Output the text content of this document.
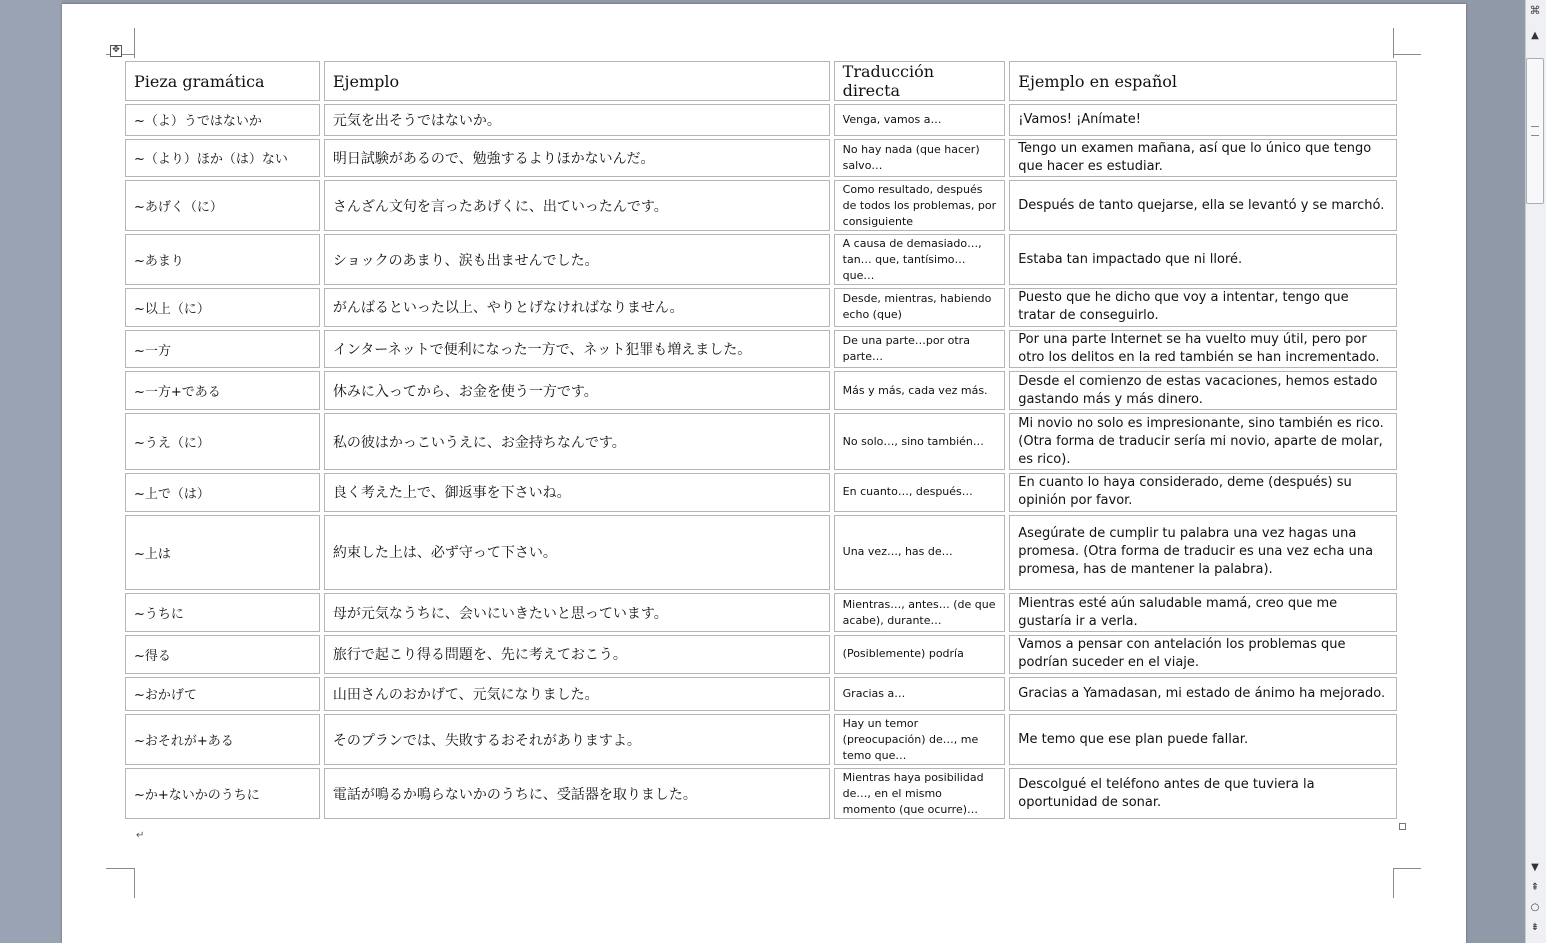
✥
Pieza gramática	Ejemplo	Traducción directa	Ejemplo en español
~（よ）うではないか	元気を出そうではないか。	Venga, vamos a…	¡Vamos! ¡Anímate!
~（より）ほか（は）ない	明日試験があるので、勉強するよりほかないんだ。	No hay nada (que hacer) salvo…	Tengo un examen mañana, así que lo único que tengo que hacer es estudiar.
~あげく（に）	さんざん文句を言ったあげくに、出ていったんです。	Como resultado, después de todos los problemas, por consiguiente	Después de tanto quejarse, ella se levantó y se marchó.
~あまり	ショックのあまり、涙も出ませんでした。	A causa de demasiado…, tan… que, tantísimo… que…	Estaba tan impactado que ni lloré.
~以上（に）	がんばるといった以上、やりとげなければなりません。	Desde, mientras, habiendo echo (que)	Puesto que he dicho que voy a intentar, tengo que tratar de conseguirlo.
~一方	インターネットで便利になった一方で、ネット犯罪も増えました。	De una parte…por otra parte…	Por una parte Internet se ha vuelto muy útil, pero por otro los delitos en la red también se han incrementado.
~一方+である	休みに入ってから、お金を使う一方です。	Más y más, cada vez más.	Desde el comienzo de estas vacaciones, hemos estado gastando más y más dinero.
~うえ（に）	私の彼はかっこいうえに、お金持ちなんです。	No solo…, sino también…	Mi novio no solo es impresionante, sino también es rico. (Otra forma de traducir sería mi novio, aparte de molar, es rico).
~上で（は）	良く考えた上で、御返事を下さいね。	En cuanto…, después…	En cuanto lo haya considerado, deme (después) su opinión por favor.
~上は	約束した上は、必ず守って下さい。	Una vez…, has de…	Asegúrate de cumplir tu palabra una vez hagas una promesa. (Otra forma de traducir es una vez echa una promesa, has de mantener la palabra).
~うちに	母が元気なうちに、会いにいきたいと思っています。	Mientras…, antes… (de que acabe), durante…	Mientras esté aún saludable mamá, creo que me gustaría ir a verla.
~得る	旅行で起こり得る問題を、先に考えておこう。	(Posiblemente) podría	Vamos a pensar con antelación los problemas que podrían suceder en el viaje.
~おかげて	山田さんのおかげて、元気になりました。	Gracias a…	Gracias a Yamadasan, mi estado de ánimo ha mejorado.
~おそれが+ある	そのプランでは、失敗するおそれがありますよ。	Hay un temor (preocupación) de…, me temo que…	Me temo que ese plan puede fallar.
~か+ないかのうちに	電話が鳴るか鳴らないかのうちに、受話器を取りました。	Mientras haya posibilidad de…, en el mismo momento (que ocurre)…	Descolgué el teléfono antes de que tuviera la oportunidad de sonar.
↵
⌘
▲
▼
⇞
○
⇟
